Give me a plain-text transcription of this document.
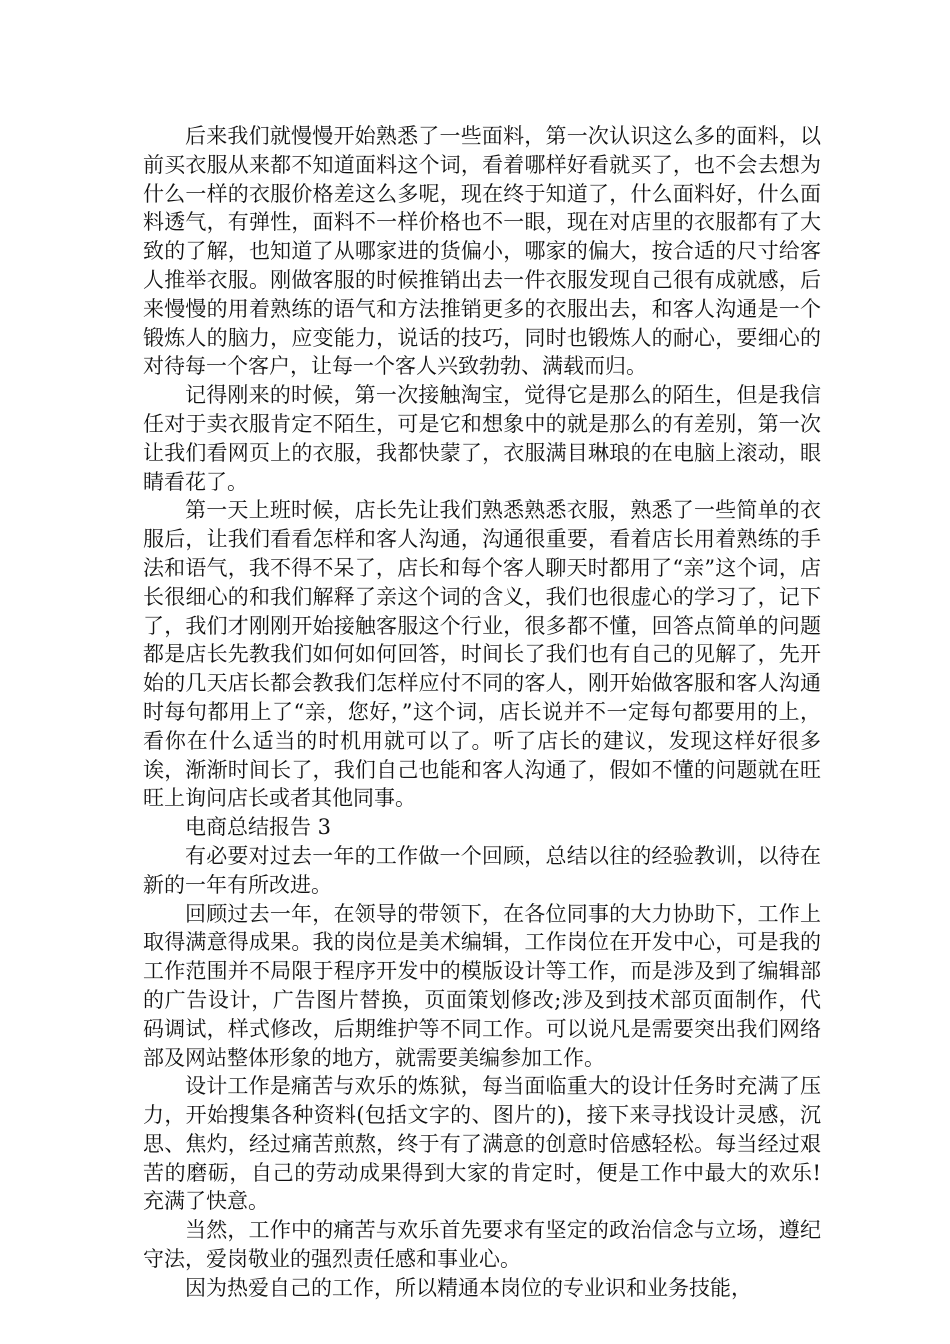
后来我们就慢慢开始熟悉了一些面料，第一次认识这么多的面料，以前买衣服从来都不知道面料这个词，看着哪样好看就买了，也不会去想为什么一样的衣服价格差这么多呢，现在终于知道了，什么面料好，什么面料透气，有弹性，面料不一样价格也不一眼，现在对店里的衣服都有了大致的了解，也知道了从哪家进的货偏小，哪家的偏大，按合适的尺寸给客人推举衣服。刚做客服的时候推销出去一件衣服发现自己很有成就感，后来慢慢的用着熟练的语气和方法推销更多的衣服出去，和客人沟通是一个锻炼人的脑力，应变能力，说话的技巧，同时也锻炼人的耐心，要细心的对待每一个客户，让每一个客人兴致勃勃、满载而归。

记得刚来的时候，第一次接触淘宝，觉得它是那么的陌生，但是我信任对于卖衣服肯定不陌生，可是它和想象中的就是那么的有差别，第一次让我们看网页上的衣服，我都快蒙了，衣服满目琳琅的在电脑上滚动，眼睛看花了。

第一天上班时候，店长先让我们熟悉熟悉衣服，熟悉了一些简单的衣服后，让我们看看怎样和客人沟通，沟通很重要，看着店长用着熟练的手法和语气，我不得不呆了，店长和每个客人聊天时都用了“亲”这个词，店长很细心的和我们解释了亲这个词的含义，我们也很虚心的学习了，记下了，我们才刚刚开始接触客服这个行业，很多都不懂，回答点简单的问题都是店长先教我们如何如何回答，时间长了我们也有自己的见解了，先开始的几天店长都会教我们怎样应付不同的客人，刚开始做客服和客人沟通时每句都用上了“亲，您好，”这个词，店长说并不一定每句都要用的上，看你在什么适当的时机用就可以了。听了店长的建议，发现这样好很多诶，渐渐时间长了，我们自己也能和客人沟通了，假如不懂的问题就在旺旺上询问店长或者其他同事。

电商总结报告 3

有必要对过去一年的工作做一个回顾，总结以往的经验教训，以待在新的一年有所改进。

回顾过去一年，在领导的带领下，在各位同事的大力协助下，工作上取得满意得成果。我的岗位是美术编辑，工作岗位在开发中心，可是我的工作范围并不局限于程序开发中的模版设计等工作，而是涉及到了编辑部的广告设计，广告图片替换，页面策划修改;涉及到技术部页面制作，代码调试，样式修改，后期维护等不同工作。可以说凡是需要突出我们网络部及网站整体形象的地方，就需要美编参加工作。

设计工作是痛苦与欢乐的炼狱，每当面临重大的设计任务时充满了压力，开始搜集各种资料(包括文字的、图片的)，接下来寻找设计灵感，沉思、焦灼，经过痛苦煎熬，终于有了满意的创意时倍感轻松。每当经过艰苦的磨砺，自己的劳动成果得到大家的肯定时，便是工作中最大的欢乐!充满了快意。

当然，工作中的痛苦与欢乐首先要求有坚定的政治信念与立场，遵纪守法，爱岗敬业的强烈责任感和事业心。

因为热爱自己的工作，所以精通本岗位的专业识和业务技能，
